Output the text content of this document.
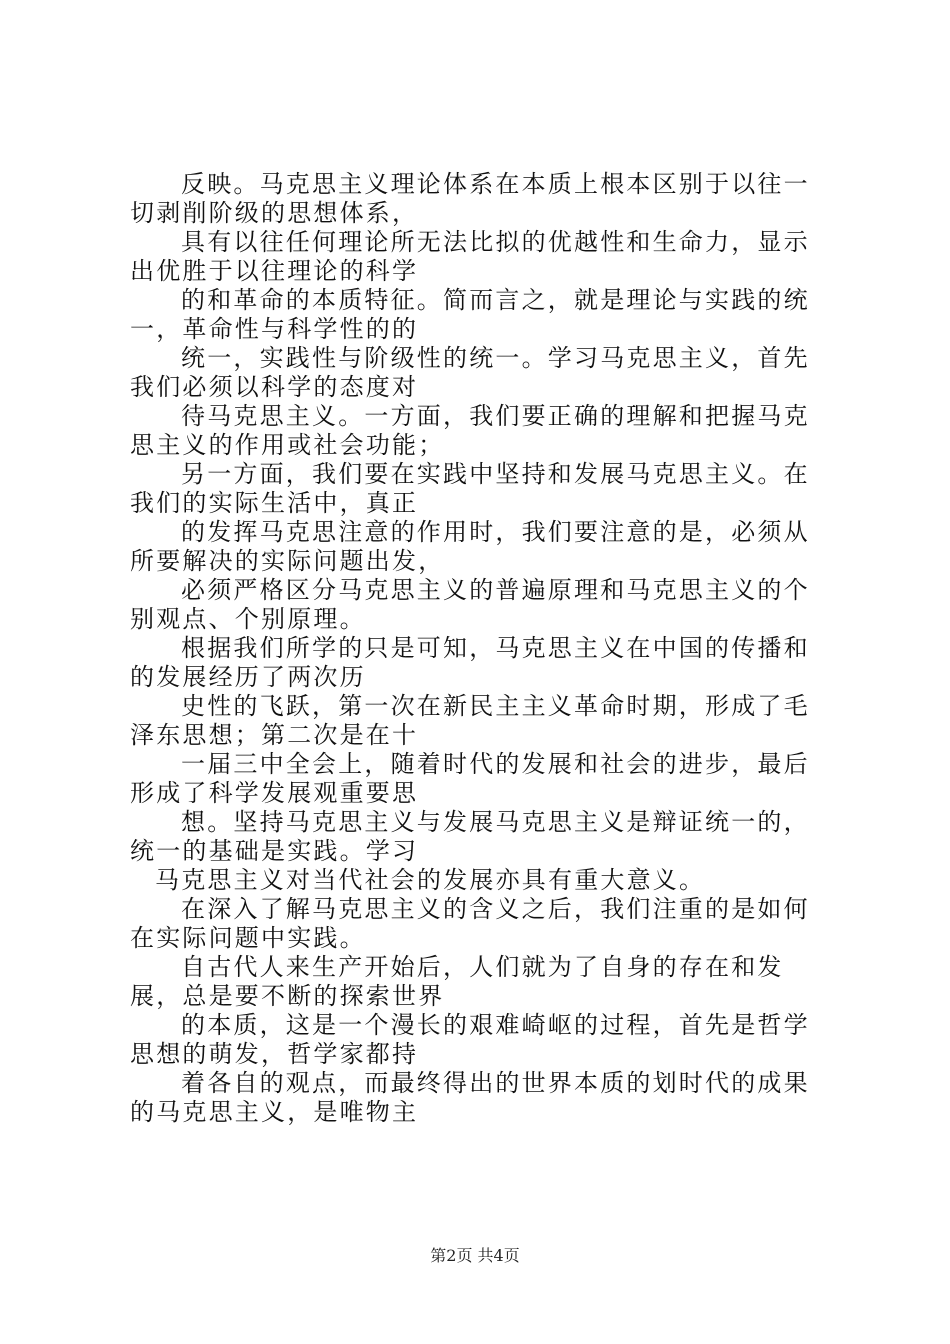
反映。马克思主义理论体系在本质上根本区别于以往一切剥削阶级的思想体系，

具有以往任何理论所无法比拟的优越性和生命力，显示出优胜于以往理论的科学

的和革命的本质特征。简而言之，就是理论与实践的统一，革命性与科学性的的

统一，实践性与阶级性的统一。学习马克思主义，首先我们必须以科学的态度对

待马克思主义。一方面，我们要正确的理解和把握马克思主义的作用或社会功能；

另一方面，我们要在实践中坚持和发展马克思主义。在我们的实际生活中，真正

的发挥马克思注意的作用时，我们要注意的是，必须从所要解决的实际问题出发，

必须严格区分马克思主义的普遍原理和马克思主义的个别观点、个别原理。

根据我们所学的只是可知，马克思主义在中国的传播和的发展经历了两次历

史性的飞跃，第一次在新民主主义革命时期，形成了毛泽东思想；第二次是在十

一届三中全会上，随着时代的发展和社会的进步，最后形成了科学发展观重要思

想。坚持马克思主义与发展马克思主义是辩证统一的，统一的基础是实践。学习

马克思主义对当代社会的发展亦具有重大意义。

在深入了解马克思主义的含义之后，我们注重的是如何在实际问题中实践。

自古代人来生产开始后，人们就为了自身的存在和发展，总是要不断的探索世界

的本质，这是一个漫长的艰难崎岖的过程，首先是哲学思想的萌发，哲学家都持

着各自的观点，而最终得出的世界本质的划时代的成果的马克思主义，是唯物主

第2页 共4页
